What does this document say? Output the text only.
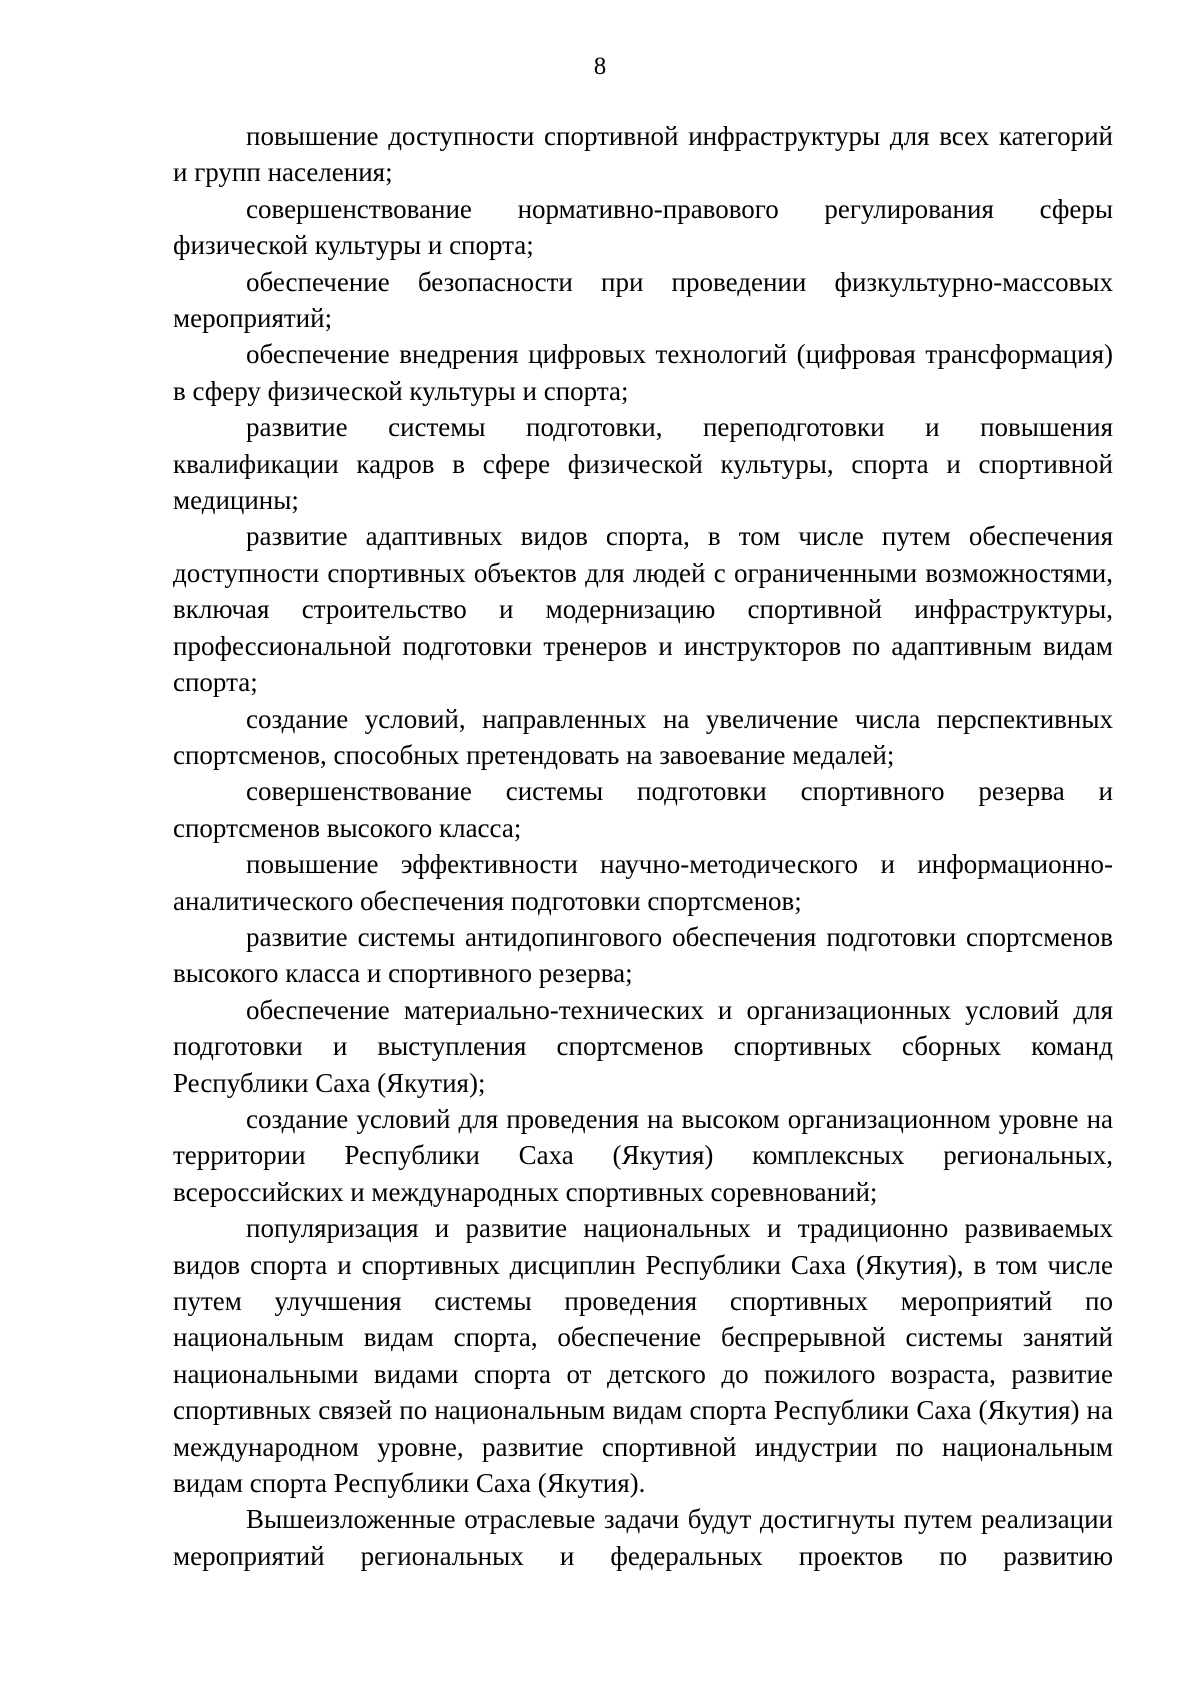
8

повышение доступности спортивной инфраструктуры для всех категорий и групп населения;

совершенствование нормативно-правового регулирования сферы физической культуры и спорта;

обеспечение безопасности при проведении физкультурно-массовых мероприятий;

обеспечение внедрения цифровых технологий (цифровая трансформация) в сферу физической культуры и спорта;

развитие системы подготовки, переподготовки и повышения квалификации кадров в сфере физической культуры, спорта и спортивной медицины;

развитие адаптивных видов спорта, в том числе путем обеспечения доступности спортивных объектов для людей с ограниченными возможностями, включая строительство и модернизацию спортивной инфраструктуры, профессиональной подготовки тренеров и инструкторов по адаптивным видам спорта;

создание условий, направленных на увеличение числа перспективных спортсменов, способных претендовать на завоевание медалей;

совершенствование системы подготовки спортивного резерва и спортсменов высокого класса;

повышение эффективности научно-методического и информационно-аналитического обеспечения подготовки спортсменов;

развитие системы антидопингового обеспечения подготовки спортсменов высокого класса и спортивного резерва;

обеспечение материально-технических и организационных условий для подготовки и выступления спортсменов спортивных сборных команд Республики Саха (Якутия);

создание условий для проведения на высоком организационном уровне на территории Республики Саха (Якутия) комплексных региональных, всероссийских и международных спортивных соревнований;

популяризация и развитие национальных и традиционно развиваемых видов спорта и спортивных дисциплин Республики Саха (Якутия), в том числе путем улучшения системы проведения спортивных мероприятий по национальным видам спорта, обеспечение беспрерывной системы занятий национальными видами спорта от детского до пожилого возраста, развитие спортивных связей по национальным видам спорта Республики Саха (Якутия) на международном уровне, развитие спортивной индустрии по национальным видам спорта Республики Саха (Якутия).

Вышеизложенные отраслевые задачи будут достигнуты путем реализации мероприятий региональных и федеральных проектов по развитию
